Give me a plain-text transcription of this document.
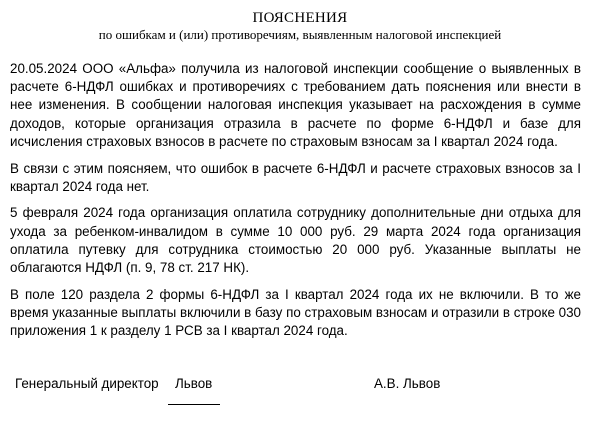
ПОЯСНЕНИЯ
по ошибкам и (или) противоречиям, выявленным налоговой инспекцией

20.05.2024 ООО «Альфа» получила из налоговой инспекции сообщение о выявленных в расчете 6-НДФЛ ошибках и противоречиях с требованием дать пояснения или внести в нее изменения. В сообщении налоговая инспекция указывает на расхождения в сумме доходов, которые организация отразила в расчете по форме 6-НДФЛ и базе для исчисления страховых взносов в расчете по страховым взносам за I квартал 2024 года.

В связи с этим поясняем, что ошибок в расчете 6-НДФЛ и расчете страховых взносов за I квартал 2024 года нет.

5 февраля 2024 года организация оплатила сотруднику дополнительные дни отдыха для ухода за ребенком-инвалидом в сумме 10 000 руб. 29 марта 2024 года организация оплатила путевку для сотрудника стоимостью 20 000 руб. Указанные выплаты не облагаются НДФЛ (п. 9, 78 ст. 217 НК).

В поле 120 раздела 2 формы 6-НДФЛ за I квартал 2024 года их не включили. В то же время указанные выплаты включили в базу по страховым взносам и отразили в строке 030 приложения 1 к разделу 1 РСВ за I квартал 2024 года.

Генеральный директор Львов	А.В. Львов
